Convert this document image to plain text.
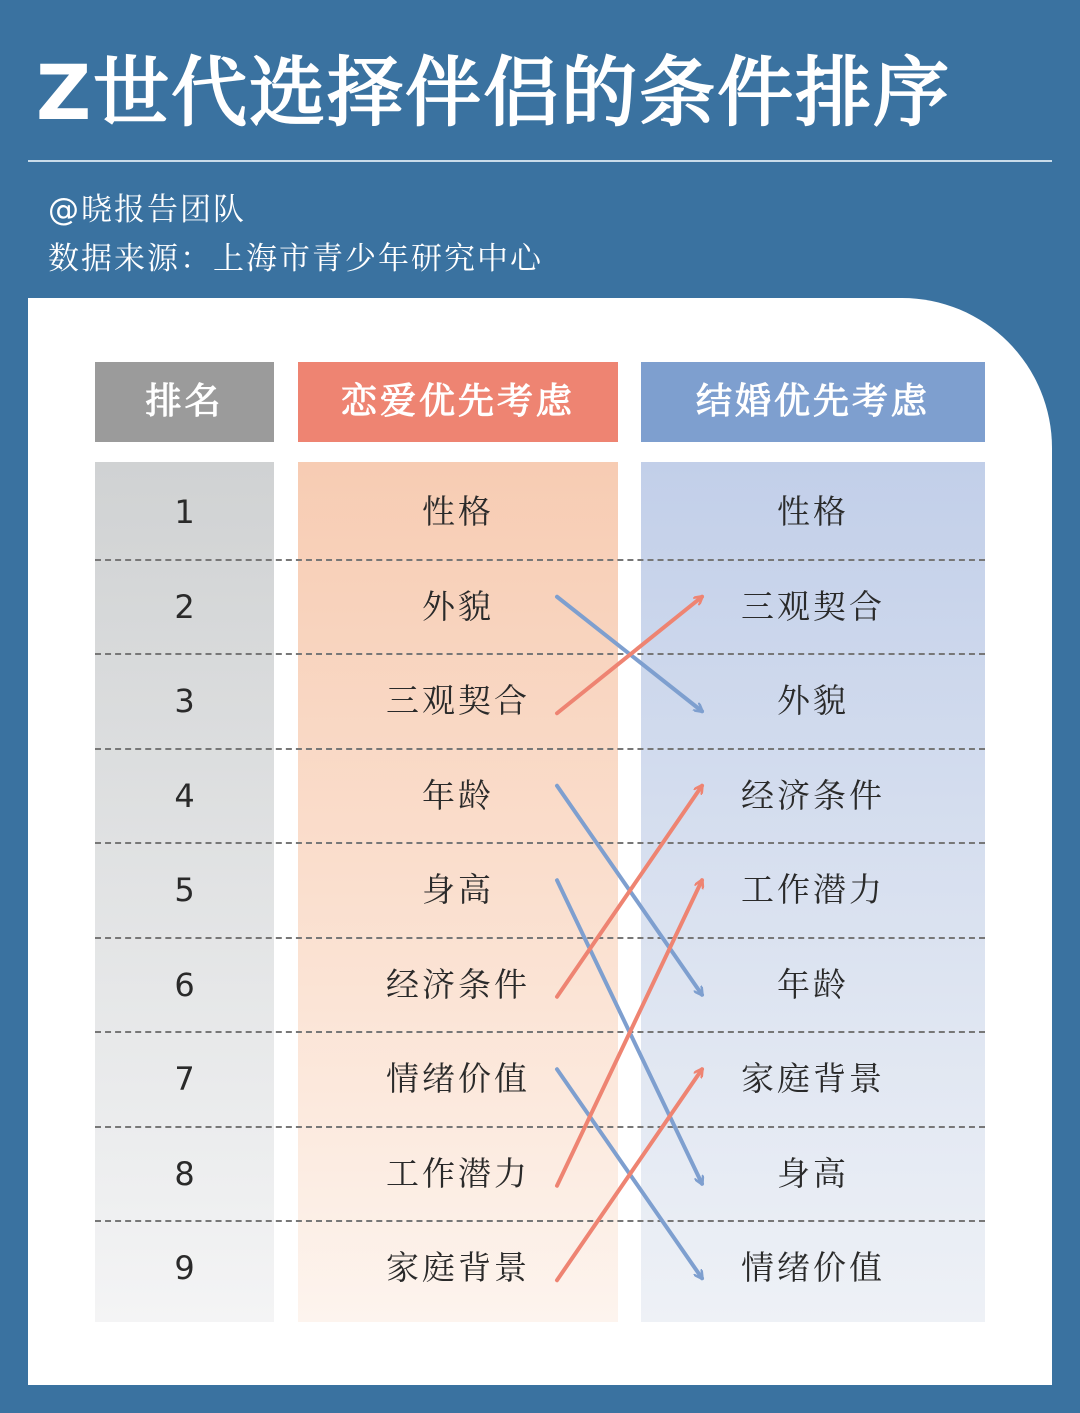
Z世代选择伴侣的条件排序
@晓报告团队
数据来源：上海市青少年研究中心
排名	恋爱优先考虑	结婚优先考虑
1	性格	性格
2	外貌	三观契合
3	三观契合	外貌
4	年龄	经济条件
5	身高	工作潜力
6	经济条件	年龄
7	情绪价值	家庭背景
8	工作潜力	身高
9	家庭背景	情绪价值
